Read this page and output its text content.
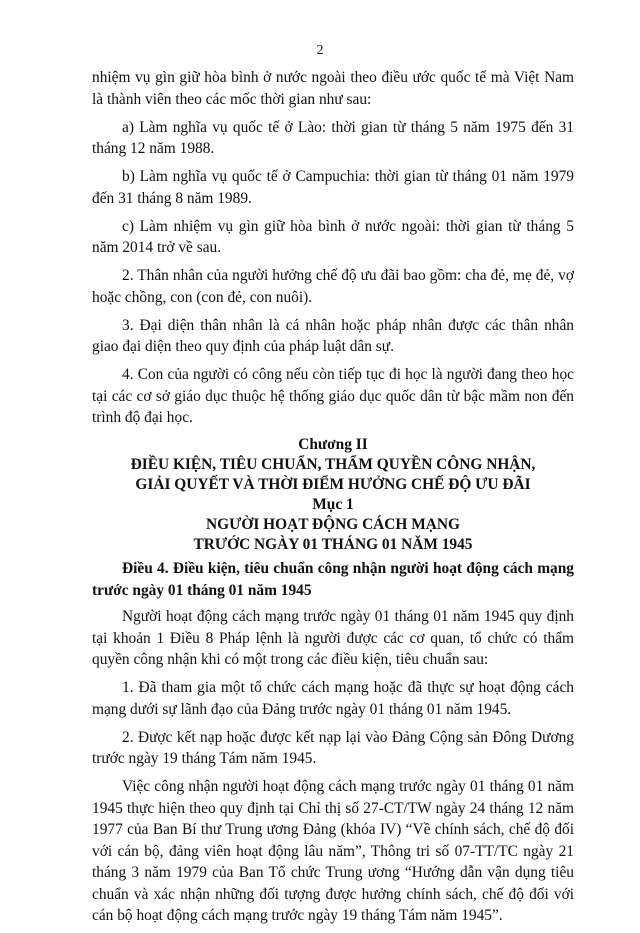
2

nhiệm vụ gìn giữ hòa bình ở nước ngoài theo điều ước quốc tế mà Việt Nam là thành viên theo các mốc thời gian như sau:

a) Làm nghĩa vụ quốc tế ở Lào: thời gian từ tháng 5 năm 1975 đến 31 tháng 12 năm 1988.

b) Làm nghĩa vụ quốc tế ở Campuchia: thời gian từ tháng 01 năm 1979 đến 31 tháng 8 năm 1989.

c) Làm nhiệm vụ gìn giữ hòa bình ở nước ngoài: thời gian từ tháng 5 năm 2014 trở về sau.

2. Thân nhân của người hưởng chế độ ưu đãi bao gồm: cha đẻ, mẹ đẻ, vợ hoặc chồng, con (con đẻ, con nuôi).

3. Đại diện thân nhân là cá nhân hoặc pháp nhân được các thân nhân giao đại diện theo quy định của pháp luật dân sự.

4. Con của người có công nếu còn tiếp tục đi học là người đang theo học tại các cơ sở giáo dục thuộc hệ thống giáo dục quốc dân từ bậc mầm non đến trình độ đại học.

Chương II
ĐIỀU KIỆN, TIÊU CHUẨN, THẨM QUYỀN CÔNG NHẬN,
GIẢI QUYẾT VÀ THỜI ĐIỂM HƯỞNG CHẾ ĐỘ ƯU ĐÃI
Mục 1
NGƯỜI HOẠT ĐỘNG CÁCH MẠNG
TRƯỚC NGÀY 01 THÁNG 01 NĂM 1945

Điều 4. Điều kiện, tiêu chuẩn công nhận người hoạt động cách mạng trước ngày 01 tháng 01 năm 1945

Người hoạt động cách mạng trước ngày 01 tháng 01 năm 1945 quy định tại khoản 1 Điều 8 Pháp lệnh là người được các cơ quan, tổ chức có thẩm quyền công nhận khi có một trong các điều kiện, tiêu chuẩn sau:

1. Đã tham gia một tổ chức cách mạng hoặc đã thực sự hoạt động cách mạng dưới sự lãnh đạo của Đảng trước ngày 01 tháng 01 năm 1945.

2. Được kết nạp hoặc được kết nạp lại vào Đảng Cộng sản Đông Dương trước ngày 19 tháng Tám năm 1945.

Việc công nhận người hoạt động cách mạng trước ngày 01 tháng 01 năm 1945 thực hiện theo quy định tại Chỉ thị số 27-CT/TW ngày 24 tháng 12 năm 1977 của Ban Bí thư Trung ương Đảng (khóa IV) “Về chính sách, chế độ đối với cán bộ, đảng viên hoạt động lâu năm”, Thông tri số 07-TT/TC ngày 21 tháng 3 năm 1979 của Ban Tổ chức Trung ương “Hướng dẫn vận dụng tiêu chuẩn và xác nhận những đối tượng được hưởng chính sách, chế độ đối với cán bộ hoạt động cách mạng trước ngày 19 tháng Tám năm 1945”.
